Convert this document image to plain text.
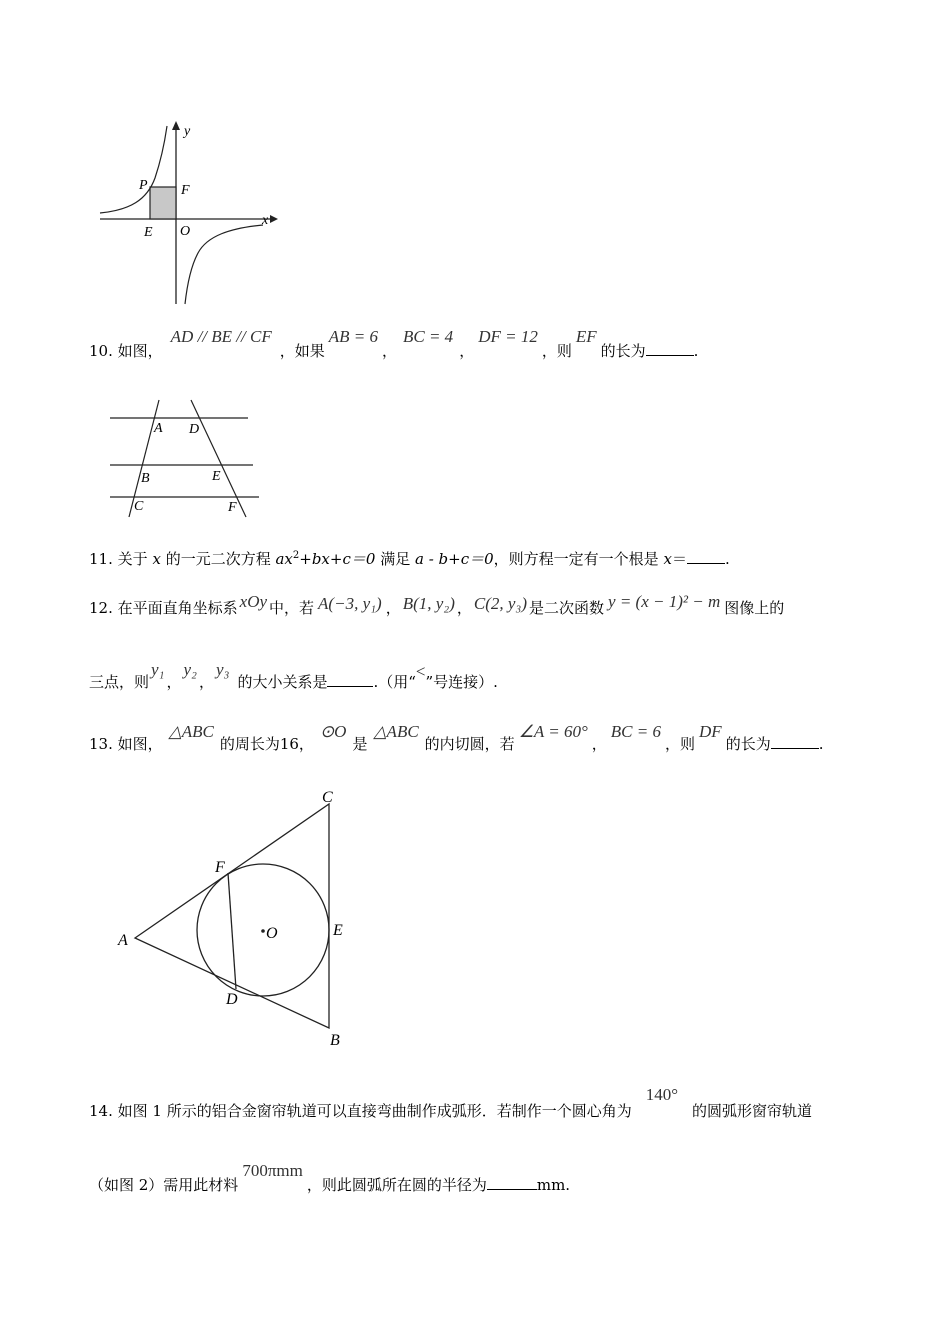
y
x
P F
E O
10. 如图，AD // BE // CF，如果AB = 6，BC = 4，DF = 12，则EF的长为	.
A D
B	E
C	F
11. 关于 x 的一元二次方程 $ax^2+bx+c=0$ 满足 a - b+c＝0，则方程一定有一个根是 x＝	.
12. 在平面直角坐标系 xOy 中，若 A(−3, y₁) ， B(1, y₂) ， C(2, y₃) 是二次函数 y = (x − 1)² − m 图像上的
三点，则y₁，y₂，y₃的大小关系是	.（用“<”号连接）.
13. 如图，△ABC的周长为16，⊙O是△ABC的内切圆，若∠A = 60°，BC = 6，则DF的长为	.
A
C
B
F
D
E
O
14. 如图 1 所示的铝合金窗帘轨道可以直接弯曲制作成弧形．若制作一个圆心角为140°的圆弧形窗帘轨道
（如图 2）需用此材料700πmm，则此圆弧所在圆的半径为	mm.
